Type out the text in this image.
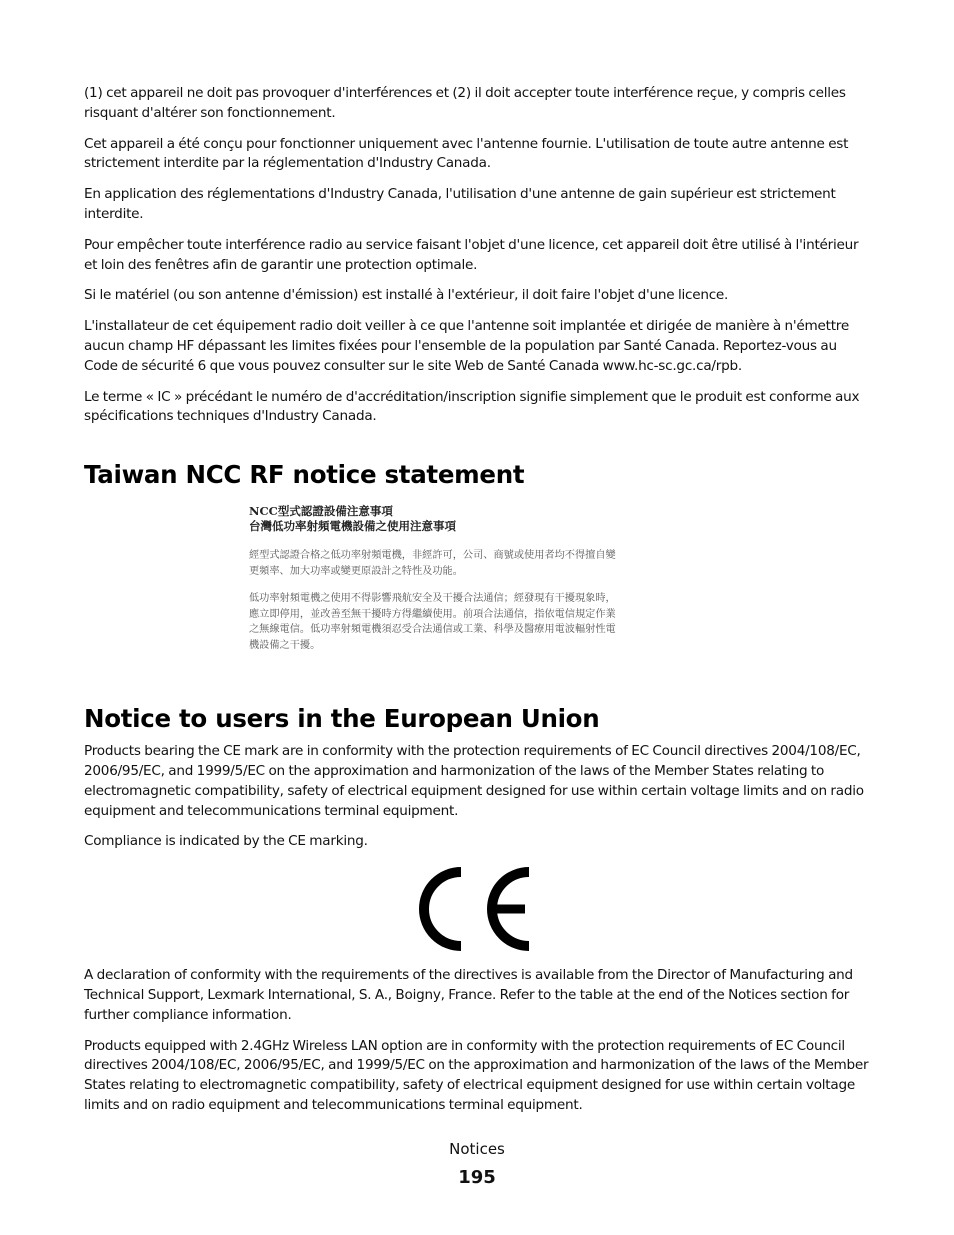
(1) cet appareil ne doit pas provoquer d'interférences et (2) il doit accepter toute interférence reçue, y compris celles risquant d'altérer son fonctionnement.

Cet appareil a été conçu pour fonctionner uniquement avec l'antenne fournie. L'utilisation de toute autre antenne est strictement interdite par la réglementation d'Industry Canada.

En application des réglementations d'Industry Canada, l'utilisation d'une antenne de gain supérieur est strictement interdite.

Pour empêcher toute interférence radio au service faisant l'objet d'une licence, cet appareil doit être utilisé à l'intérieur et loin des fenêtres afin de garantir une protection optimale.

Si le matériel (ou son antenne d'émission) est installé à l'extérieur, il doit faire l'objet d'une licence.

L'installateur de cet équipement radio doit veiller à ce que l'antenne soit implantée et dirigée de manière à n'émettre aucun champ HF dépassant les limites fixées pour l'ensemble de la population par Santé Canada. Reportez-vous au Code de sécurité 6 que vous pouvez consulter sur le site Web de Santé Canada www.hc-sc.gc.ca/rpb.

Le terme « IC » précédant le numéro de d'accréditation/inscription signifie simplement que le produit est conforme aux spécifications techniques d'Industry Canada.

Taiwan NCC RF notice statement
NCC型式認證設備注意事項
台灣低功率射頻電機設備之使用注意事項
經型式認證合格之低功率射頻電機，非經許可，公司、商號或使用者均不得擅自變
更頻率、加大功率或變更原設計之特性及功能。
低功率射頻電機之使用不得影響飛航安全及干擾合法通信；經發現有干擾現象時，
應立即停用，並改善至無干擾時方得繼續使用。前項合法通信，指依電信規定作業
之無線電信。低功率射頻電機須忍受合法通信或工業、科學及醫療用電波輻射性電
機設備之干擾。
Notice to users in the European Union

Products bearing the CE mark are in conformity with the protection requirements of EC Council directives 2004/108/EC, 2006/95/EC, and 1999/5/EC on the approximation and harmonization of the laws of the Member States relating to electromagnetic compatibility, safety of electrical equipment designed for use within certain voltage limits and on radio equipment and telecommunications terminal equipment.

Compliance is indicated by the CE marking.

A declaration of conformity with the requirements of the directives is available from the Director of Manufacturing and Technical Support, Lexmark International, S. A., Boigny, France. Refer to the table at the end of the Notices section for further compliance information.

Products equipped with 2.4GHz Wireless LAN option are in conformity with the protection requirements of EC Council directives 2004/108/EC, 2006/95/EC, and 1999/5/EC on the approximation and harmonization of the laws of the Member States relating to electromagnetic compatibility, safety of electrical equipment designed for use within certain voltage limits and on radio equipment and telecommunications terminal equipment.

Notices
195
